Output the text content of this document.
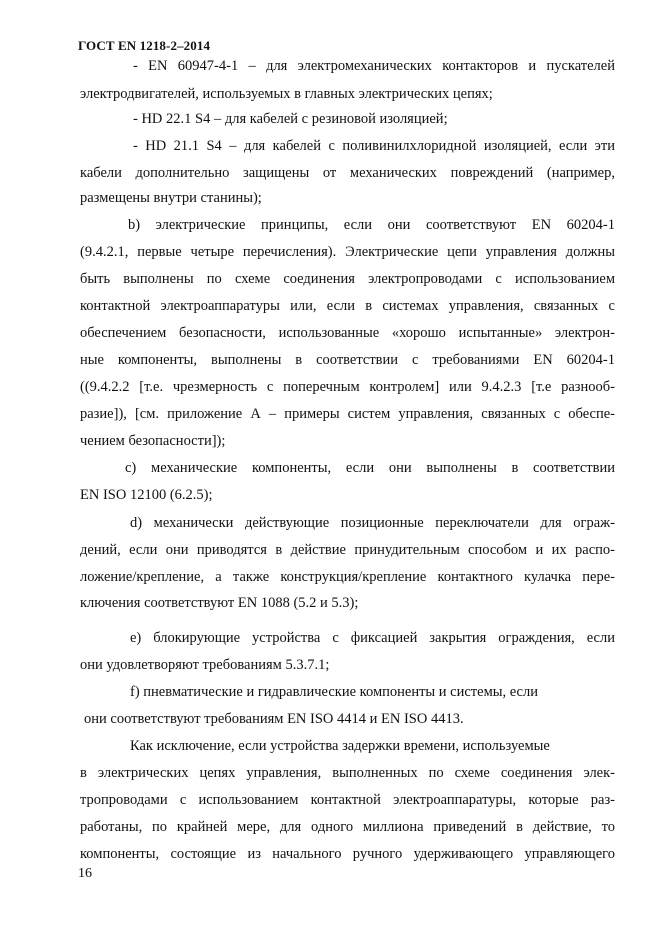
ГОСТ EN 1218-2–2014
- EN 60947-4-1 – для электромеханических контакторов и пускателей
электродвигателей, используемых в главных электрических цепях;
- HD 22.1 S4 – для кабелей с резиновой изоляцией;
- HD 21.1 S4 – для кабелей с поливинилхлоридной изоляцией, если эти
кабели дополнительно защищены от механических повреждений (например,
размещены внутри станины);
b) электрические принципы, если они соответствуют EN 60204-1
(9.4.2.1, первые четыре перечисления). Электрические цепи управления должны
быть выполнены по схеме соединения электропроводами с использованием
контактной электроаппаратуры или, если в системах управления, связанных с
обеспечением безопасности, использованные «хорошо испытанные» электрон-
ные компоненты, выполнены в соответствии с требованиями EN 60204-1
((9.4.2.2 [т.е. чрезмерность с поперечным контролем] или 9.4.2.3 [т.е разнооб-
разие]), [см. приложение А – примеры систем управления, связанных с обеспе-
чением безопасности]);
c) механические компоненты, если они выполнены в соответствии
EN ISO 12100 (6.2.5);
d) механически действующие позиционные переключатели для ограж-
дений, если они приводятся в действие принудительным способом и их распо-
ложение/крепление, а также конструкция/крепление контактного кулачка пере-
ключения соответствуют EN 1088 (5.2 и 5.3);
e) блокирующие устройства с фиксацией закрытия ограждения, если
они удовлетворяют требованиям 5.3.7.1;
f) пневматические и гидравлические компоненты и системы, если
они соответствуют требованиям EN ISO 4414 и EN ISO 4413.
Как исключение, если устройства задержки времени, используемые
в электрических цепях управления, выполненных по схеме соединения элек-
тропроводами с использованием контактной электроаппаратуры, которые раз-
работаны, по крайней мере, для одного миллиона приведений в действие, то
компоненты, состоящие из начального ручного удерживающего управляющего
16
